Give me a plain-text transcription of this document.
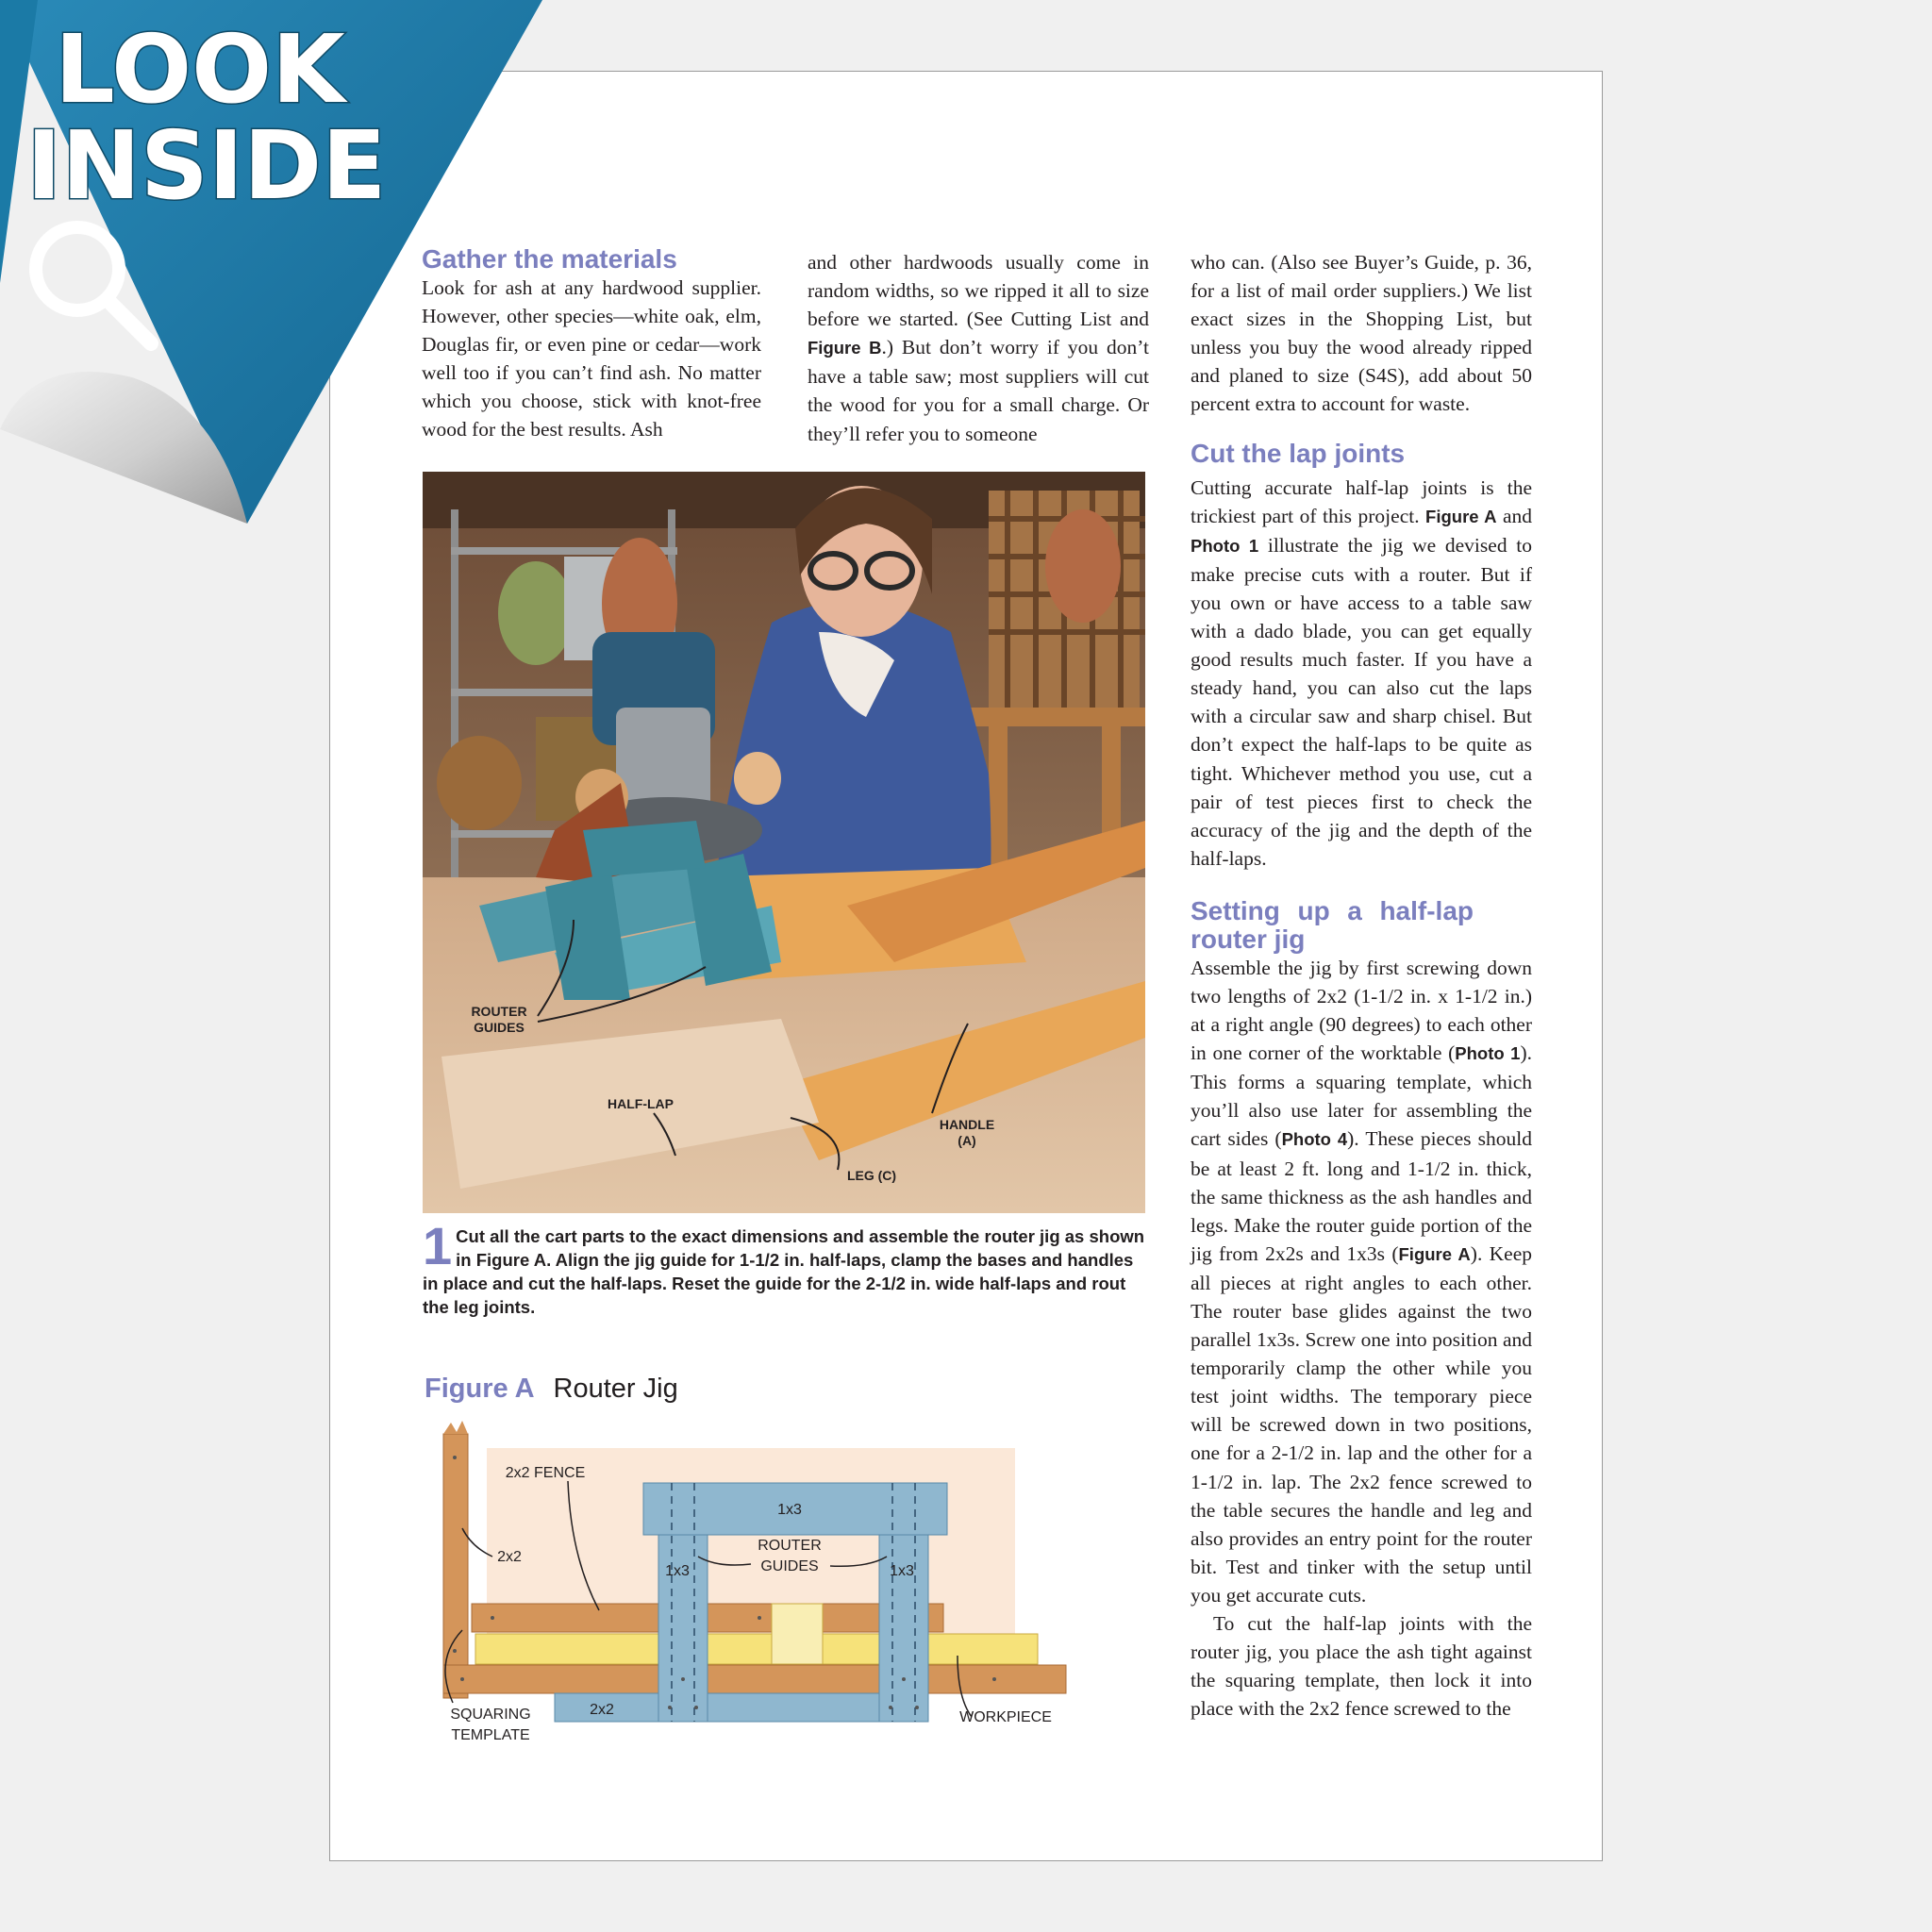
Gather the materials

Look for ash at any hardwood supplier. However, other species—white oak, elm, Douglas fir, or even pine or cedar—work well too if you can’t find ash. No matter which you choose, stick with knot-free wood for the best results. Ash

and other hardwoods usually come in random widths, so we ripped it all to size before we started. (See Cutting List and Figure B.) But don’t worry if you don’t have a table saw; most suppliers will cut the wood for you for a small charge. Or they’ll refer you to someone

who can. (Also see Buyer’s Guide, p. 36, for a list of mail order suppliers.) We list exact sizes in the Shopping List, but unless you buy the wood already ripped and planed to size (S4S), add about 50 percent extra to account for waste.

Cut the lap joints

Cutting accurate half-lap joints is the trickiest part of this project. Figure A and Photo 1 illustrate the jig we devised to make precise cuts with a router. But if you own or have access to a table saw with a dado blade, you can get equally good results much faster. If you have a steady hand, you can also cut the laps with a circular saw and sharp chisel. But don’t expect the half-laps to be quite as tight. Whichever method you use, cut a pair of test pieces first to check the accuracy of the jig and the depth of the half-laps.

Setting up a half-lap router jig

Assemble the jig by first screwing down two lengths of 2x2 (1-1/2 in. x 1-1/2 in.) at a right angle (90 degrees) to each other in one corner of the worktable (Photo 1). This forms a squaring template, which you’ll also use later for assembling the cart sides (Photo 4). These pieces should be at least 2 ft. long and 1-1/2 in. thick, the same thickness as the ash handles and legs. Make the router guide portion of the jig from 2x2s and 1x3s (Figure A). Keep all pieces at right angles to each other. The router base glides against the two parallel 1x3s. Screw one into position and temporarily clamp the other while you test joint widths. The temporary piece will be screwed down in two positions, one for a 2-1/2 in. lap and the other for a 1-1/2 in. lap. The 2x2 fence screwed to the table secures the handle and leg and also provides an entry point for the router bit. Test and tinker with the setup until you get accurate cuts.

To cut the half-lap joints with the router jig, you place the ash tight against the squaring template, then lock it into place with the 2x2 fence screwed to the

ROUTER
GUIDES
HALF-LAP
LEG (C)
HANDLE
(A)
1 Cut all the cart parts to the exact dimensions and assemble the router jig as shown in Figure A. Align the jig guide for 1-1/2 in. half-laps, clamp the bases and handles in place and cut the half-laps. Reset the guide for the 2-1/2 in. wide half-laps and rout the leg joints.
Figure A Router Jig
2x2 FENCE
1x3
2x2
ROUTER
GUIDES
1x3	1x3
SQUARING
TEMPLATE
2x2	WORKPIECE
LOOK
INSIDE
